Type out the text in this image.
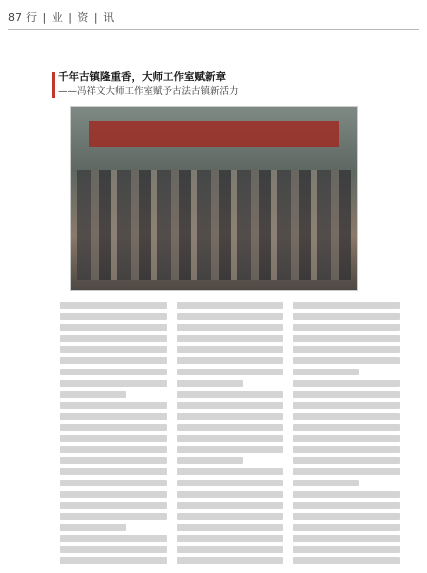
87 行 | 业 | 资 | 讯
千年古镇隆重香，大师工作室赋新章
——冯祥文大师工作室赋予古法古镇新活力
